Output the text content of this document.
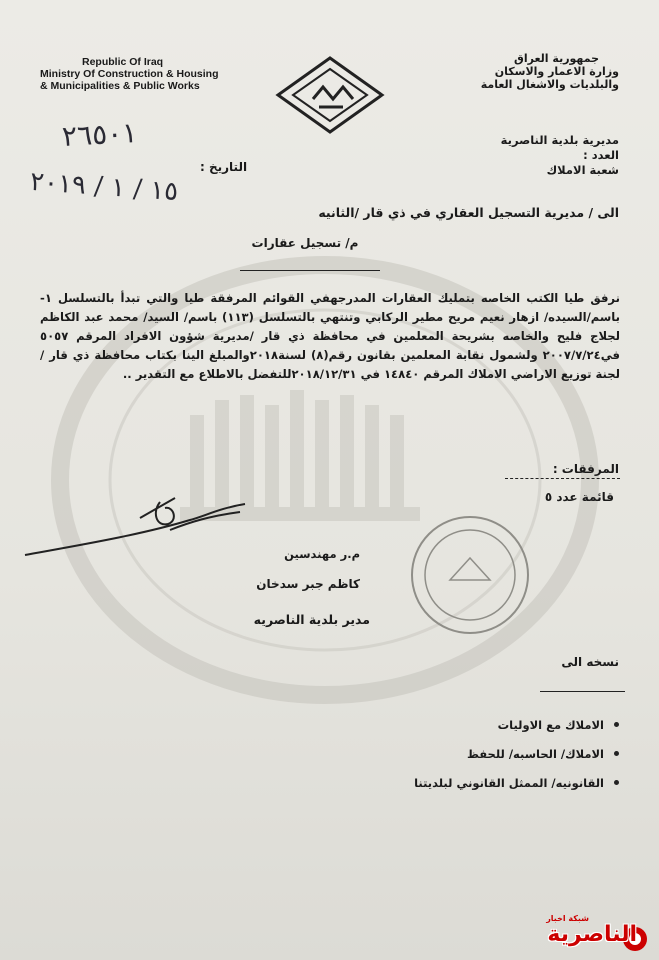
Republic Of Iraq
Ministry Of Construction & Housing
& Municipalities & Public Works
جمهورية العراق
وزارة الاعمار والاسكان
والبلديات والاشغال العامة
٢٦٥٠١
١٥ / ١ / ٢٠١٩
التاريخ :
مديرية بلدية الناصرية
العدد :
شعبة الاملاك
الى / مديرية التسجيل العقاري في ذي قار /الثانيه
م/ تسجيل عقارات
نرفق طيا الكتب الخاصه بتمليك العقارات المدرجهفي القوائم المرفقة طيا والتي تبدأ بالتسلسل ١- باسم/السيده/ ازهار نعيم مريح مطير الركابي وتنتهي بالتسلسل (١١٣) باسم/ السيد/ محمد عبد الكاظم لجلاج فليح والخاصه بشريحة المعلمين في محافظة ذي قار /مديرية شؤون الافراد المرقم ٥٠٥٧ في٢٠٠٧/٧/٢٤ ولشمول نقابة المعلمين بقانون رقم(٨) لسنة٢٠١٨والمبلغ الينا بكتاب محافظة ذي قار / لجنة توزيع الاراضي الاملاك المرقم ١٤٨٤٠ في ٢٠١٨/١٢/٣١للتفضل بالاطلاع مع التقدير ..
المرفقات :
قائمة عدد ٥
م.ر مهندسين
كاظم جبر سدخان
مدير بلدية الناصريه
نسخه الى
الاملاك مع الاوليات
الاملاك/ الحاسبه/ للحفظ
القانونيه/ الممثل القانوني لبلديتنا
شبكة اخبار
الناصرية
